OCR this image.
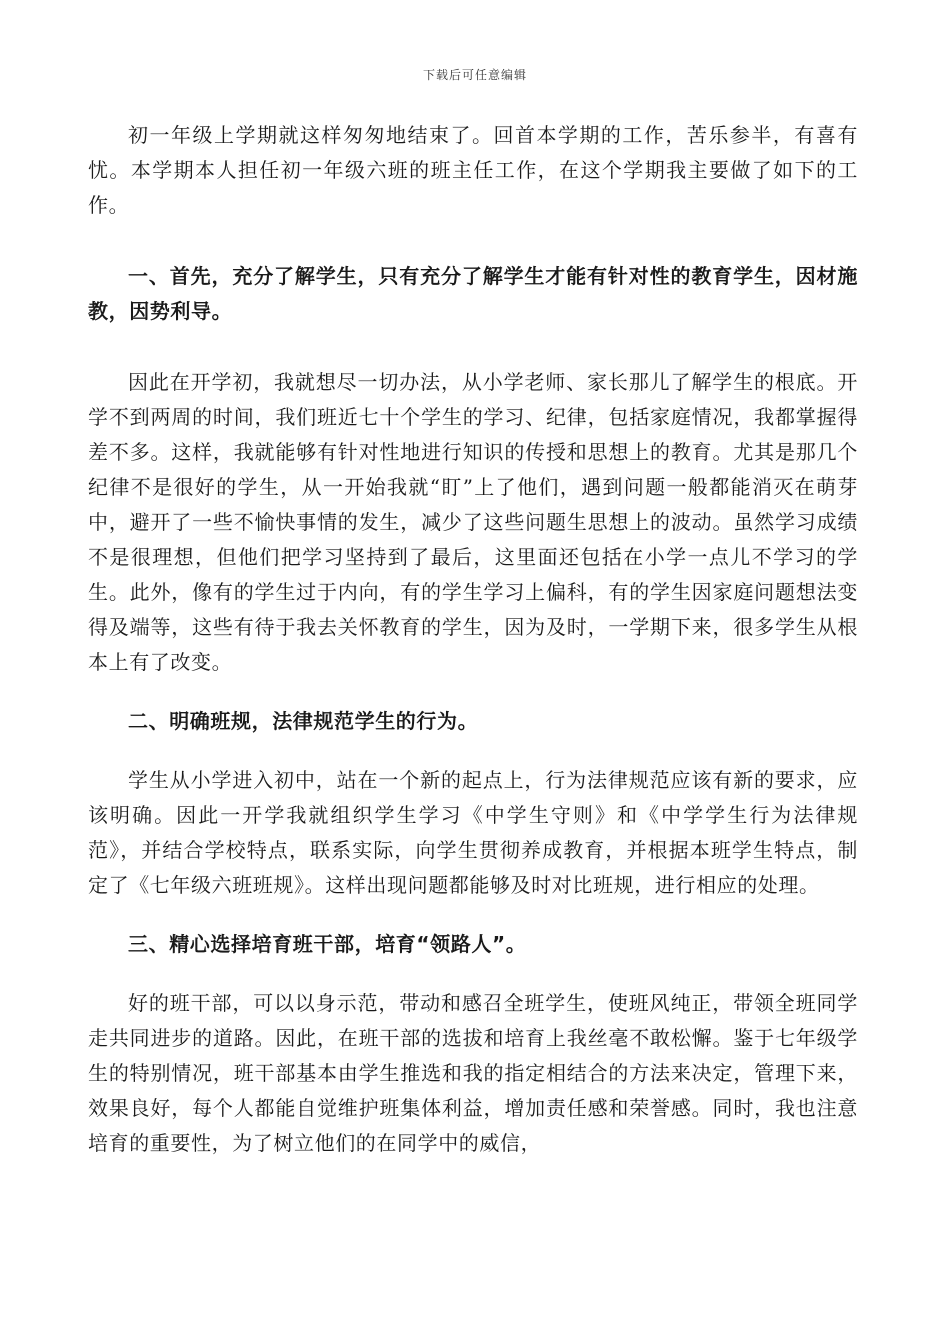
下载后可任意编辑

初一年级上学期就这样匆匆地结束了。回首本学期的工作，苦乐参半，有喜有忧。本学期本人担任初一年级六班的班主任工作，在这个学期我主要做了如下的工作。

一、首先，充分了解学生，只有充分了解学生才能有针对性的教育学生，因材施教，因势利导。

因此在开学初，我就想尽一切办法，从小学老师、家长那儿了解学生的根底。开学不到两周的时间，我们班近七十个学生的学习、纪律，包括家庭情况，我都掌握得差不多。这样，我就能够有针对性地进行知识的传授和思想上的教育。尤其是那几个纪律不是很好的学生，从一开始我就“盯”上了他们，遇到问题一般都能消灭在萌芽中，避开了一些不愉快事情的发生，减少了这些问题生思想上的波动。虽然学习成绩不是很理想，但他们把学习坚持到了最后，这里面还包括在小学一点儿不学习的学生。此外，像有的学生过于内向，有的学生学习上偏科，有的学生因家庭问题想法变得及端等，这些有待于我去关怀教育的学生，因为及时，一学期下来，很多学生从根本上有了改变。

二、明确班规，法律规范学生的行为。

学生从小学进入初中，站在一个新的起点上，行为法律规范应该有新的要求，应该明确。因此一开学我就组织学生学习《中学生守则》和《中学学生行为法律规范》，并结合学校特点，联系实际，向学生贯彻养成教育，并根据本班学生特点，制定了《七年级六班班规》。这样出现问题都能够及时对比班规，进行相应的处理。

三、精心选择培育班干部，培育“领路人”。

好的班干部，可以以身示范，带动和感召全班学生，使班风纯正，带领全班同学走共同进步的道路。因此，在班干部的选拔和培育上我丝毫不敢松懈。鉴于七年级学生的特别情况，班干部基本由学生推选和我的指定相结合的方法来决定，管理下来，效果良好，每个人都能自觉维护班集体利益，增加责任感和荣誉感。同时，我也注意培育的重要性，为了树立他们的在同学中的威信，
